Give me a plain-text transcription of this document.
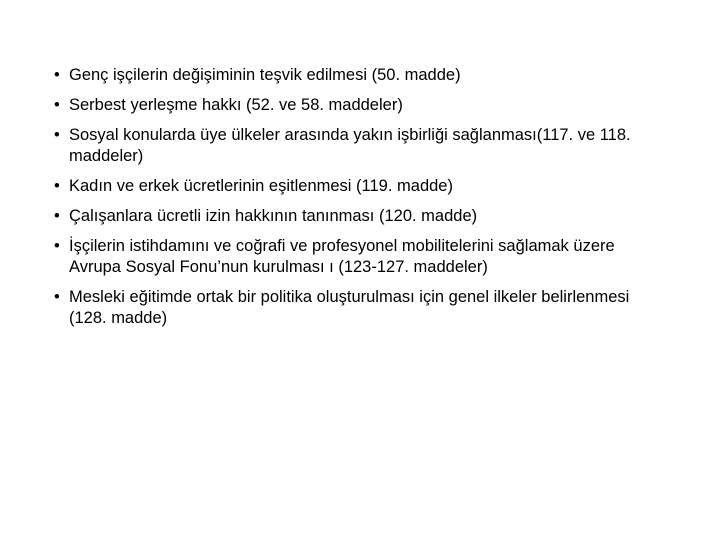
• Genç işçilerin değişiminin teşvik edilmesi (50. madde)
• Serbest yerleşme hakkı (52. ve 58. maddeler)
• Sosyal konularda üye ülkeler arasında yakın işbirliği sağlanması(117. ve 118. maddeler)
• Kadın ve erkek ücretlerinin eşitlenmesi (119. madde)
• Çalışanlara ücretli izin hakkının tanınması (120. madde)
• İşçilerin istihdamını ve coğrafi ve profesyonel mobilitelerini sağlamak üzere Avrupa Sosyal Fonu’nun kurulması ı (123-127. maddeler)
• Mesleki eğitimde ortak bir politika oluşturulması için genel ilkeler belirlenmesi (128. madde)
